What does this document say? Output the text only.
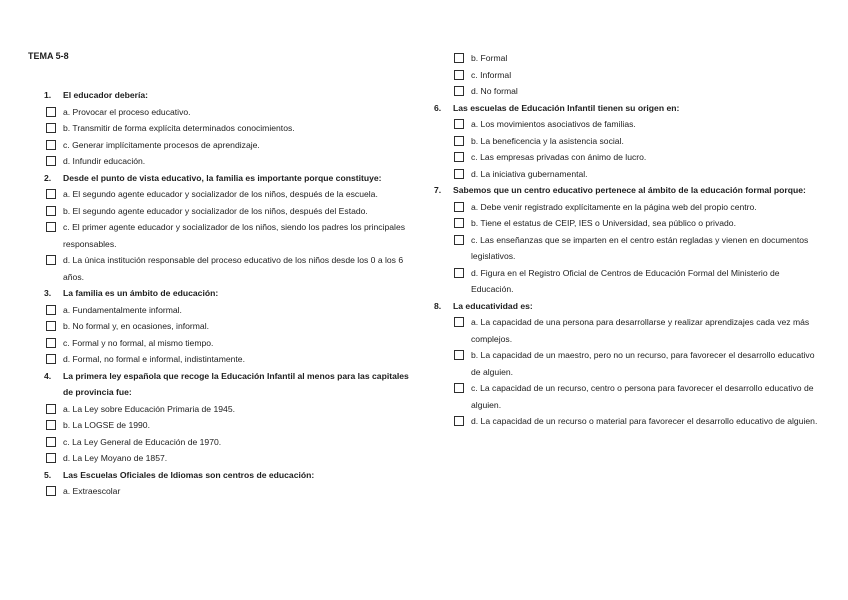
TEMA 5-8
1.	El educador debería:
a. Provocar el proceso educativo.
b. Transmitir de forma explícita determinados conocimientos.
c. Generar implícitamente procesos de aprendizaje.
d. Infundir educación.
2.	Desde el punto de vista educativo, la familia es importante porque constituye:
a. El segundo agente educador y socializador de los niños, después de la escuela.
b. El segundo agente educador y socializador de los niños, después del Estado.
c. El primer agente educador y socializador de los niños, siendo los padres los principales responsables.
d. La única institución responsable del proceso educativo de los niños desde los 0 a los 6 años.
3.	La familia es un ámbito de educación:
a. Fundamentalmente informal.
b. No formal y, en ocasiones, informal.
c. Formal y no formal, al mismo tiempo.
d. Formal, no formal e informal, indistintamente.
4.	La primera ley española que recoge la Educación Infantil al menos para las capitales de provincia fue:
a. La Ley sobre Educación Primaria de 1945.
b. La LOGSE de 1990.
c. La Ley General de Educación de 1970.
d. La Ley Moyano de 1857.
5.	Las Escuelas Oficiales de Idiomas son centros de educación:
a. Extraescolar
b. Formal
c. Informal
d. No formal
6.	Las escuelas de Educación Infantil tienen su origen en:
a. Los movimientos asociativos de familias.
b. La beneficencia y la asistencia social.
c. Las empresas privadas con ánimo de lucro.
d. La iniciativa gubernamental.
7.	Sabemos que un centro educativo pertenece al ámbito de la educación formal porque:
a. Debe venir registrado explícitamente en la página web del propio centro.
b. Tiene el estatus de CEIP, IES o Universidad, sea público o privado.
c. Las enseñanzas que se imparten en el centro están regladas y vienen en documentos legislativos.
d. Figura en el Registro Oficial de Centros de Educación Formal del Ministerio de Educación.
8.	La educatividad es:
a. La capacidad de una persona para desarrollarse y realizar aprendizajes cada vez más complejos.
b. La capacidad de un maestro, pero no un recurso, para favorecer el desarrollo educativo de alguien.
c. La capacidad de un recurso, centro o persona para favorecer el desarrollo educativo de alguien.
d. La capacidad de un recurso o material para favorecer el desarrollo educativo de alguien.
